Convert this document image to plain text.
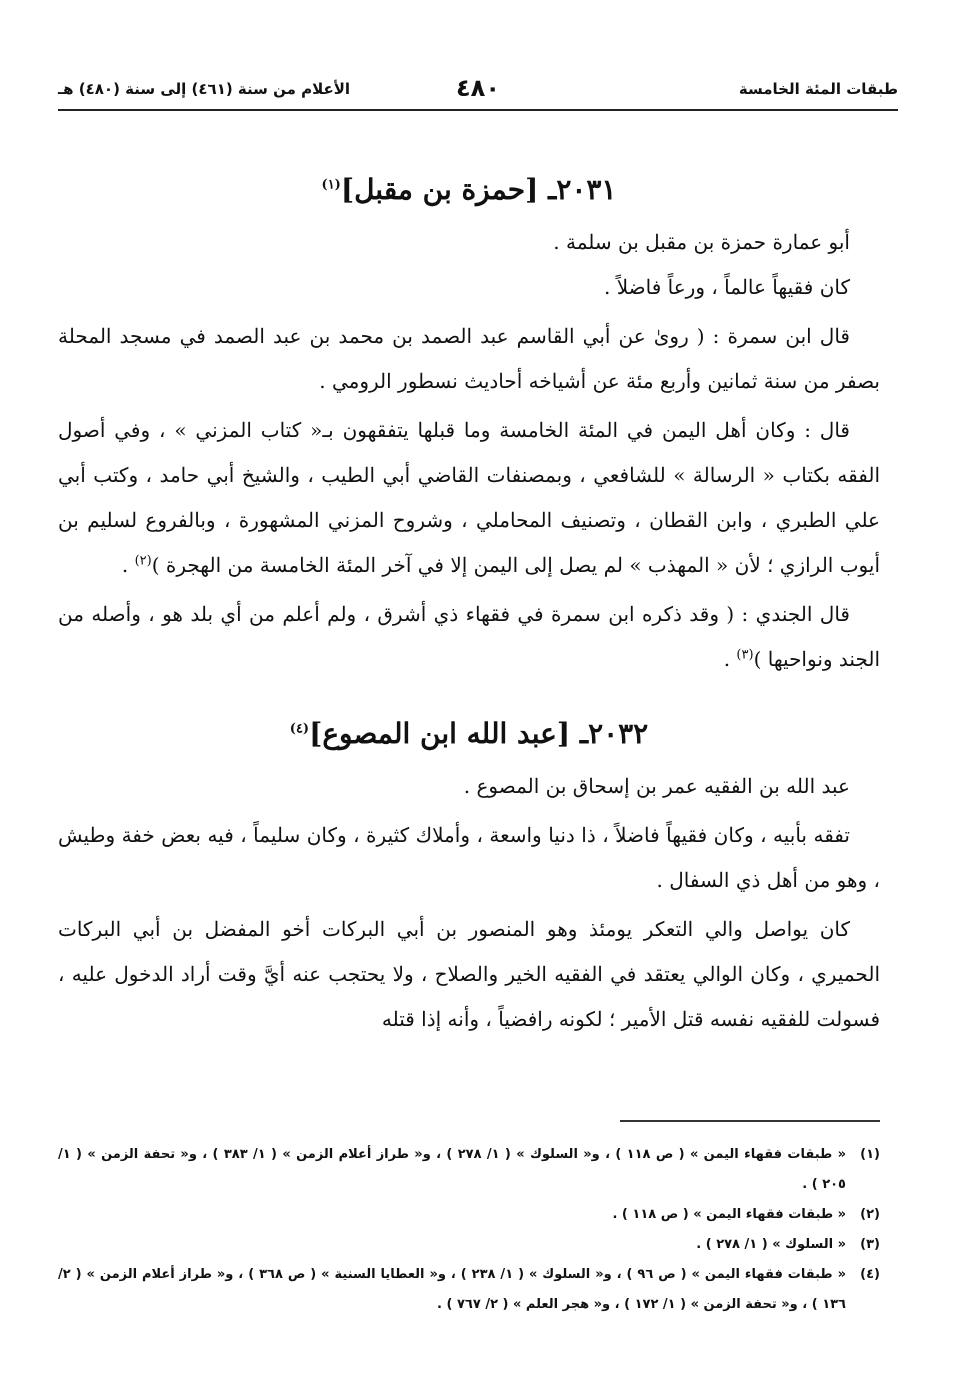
طبقات المئة الخامسة
٤٨٠
الأعلام من سنة (٤٦١) إلى سنة (٤٨٠) هـ
٢٠٣١ـ [حمزة بن مقبل]$^{(١)}$

أبو عمارة حمزة بن مقبل بن سلمة .

كان فقيهاً عالماً ، ورعاً فاضلاً .

قال ابن سمرة : ( روىٰ عن أبي القاسم عبد الصمد بن محمد بن عبد الصمد في مسجد المحلة بصفر من سنة ثمانين وأربع مئة عن أشياخه أحاديث نسطور الرومي .

قال : وكان أهل اليمن في المئة الخامسة وما قبلها يتفقهون بـ« كتاب المزني » ، وفي أصول الفقه بكتاب « الرسالة » للشافعي ، وبمصنفات القاضي أبي الطيب ، والشيخ أبي حامد ، وكتب أبي علي الطبري ، وابن القطان ، وتصنيف المحاملي ، وشروح المزني المشهورة ، وبالفروع لسليم بن أيوب الرازي ؛ لأن « المهذب » لم يصل إلى اليمن إلا في آخر المئة الخامسة من الهجرة )$^{(٢)}$ .

قال الجندي : ( وقد ذكره ابن سمرة في فقهاء ذي أشرق ، ولم أعلم من أي بلد هو ، وأصله من الجند ونواحيها )$^{(٣)}$ .

٢٠٣٢ـ [عبد الله ابن المصوع]$^{(٤)}$

عبد الله بن الفقيه عمر بن إسحاق بن المصوع .

تفقه بأبيه ، وكان فقيهاً فاضلاً ، ذا دنيا واسعة ، وأملاك كثيرة ، وكان سليماً ، فيه بعض خفة وطيش ، وهو من أهل ذي السفال .

كان يواصل والي التعكر يومئذ وهو المنصور بن أبي البركات أخو المفضل بن أبي البركات الحميري ، وكان الوالي يعتقد في الفقيه الخير والصلاح ، ولا يحتجب عنه أيَّ وقت أراد الدخول عليه ، فسولت للفقيه نفسه قتل الأمير ؛ لكونه رافضياً ، وأنه إذا قتله

(١)
« طبقات فقهاء اليمن » ( ص ١١٨ ) ، و« السلوك » ( ١/ ٢٧٨ ) ، و« طراز أعلام الزمن » ( ١/ ٣٨٣ ) ، و« تحفة الزمن » ( ١/ ٢٠٥ ) .
(٢)
« طبقات فقهاء اليمن » ( ص ١١٨ ) .
(٣)
« السلوك » ( ١/ ٢٧٨ ) .
(٤)
« طبقات فقهاء اليمن » ( ص ٩٦ ) ، و« السلوك » ( ١/ ٢٣٨ ) ، و« العطايا السنية » ( ص ٣٦٨ ) ، و« طراز أعلام الزمن » ( ٢/ ١٣٦ ) ، و« تحفة الزمن » ( ١/ ١٧٢ ) ، و« هجر العلم » ( ٢/ ٧٦٧ ) .
